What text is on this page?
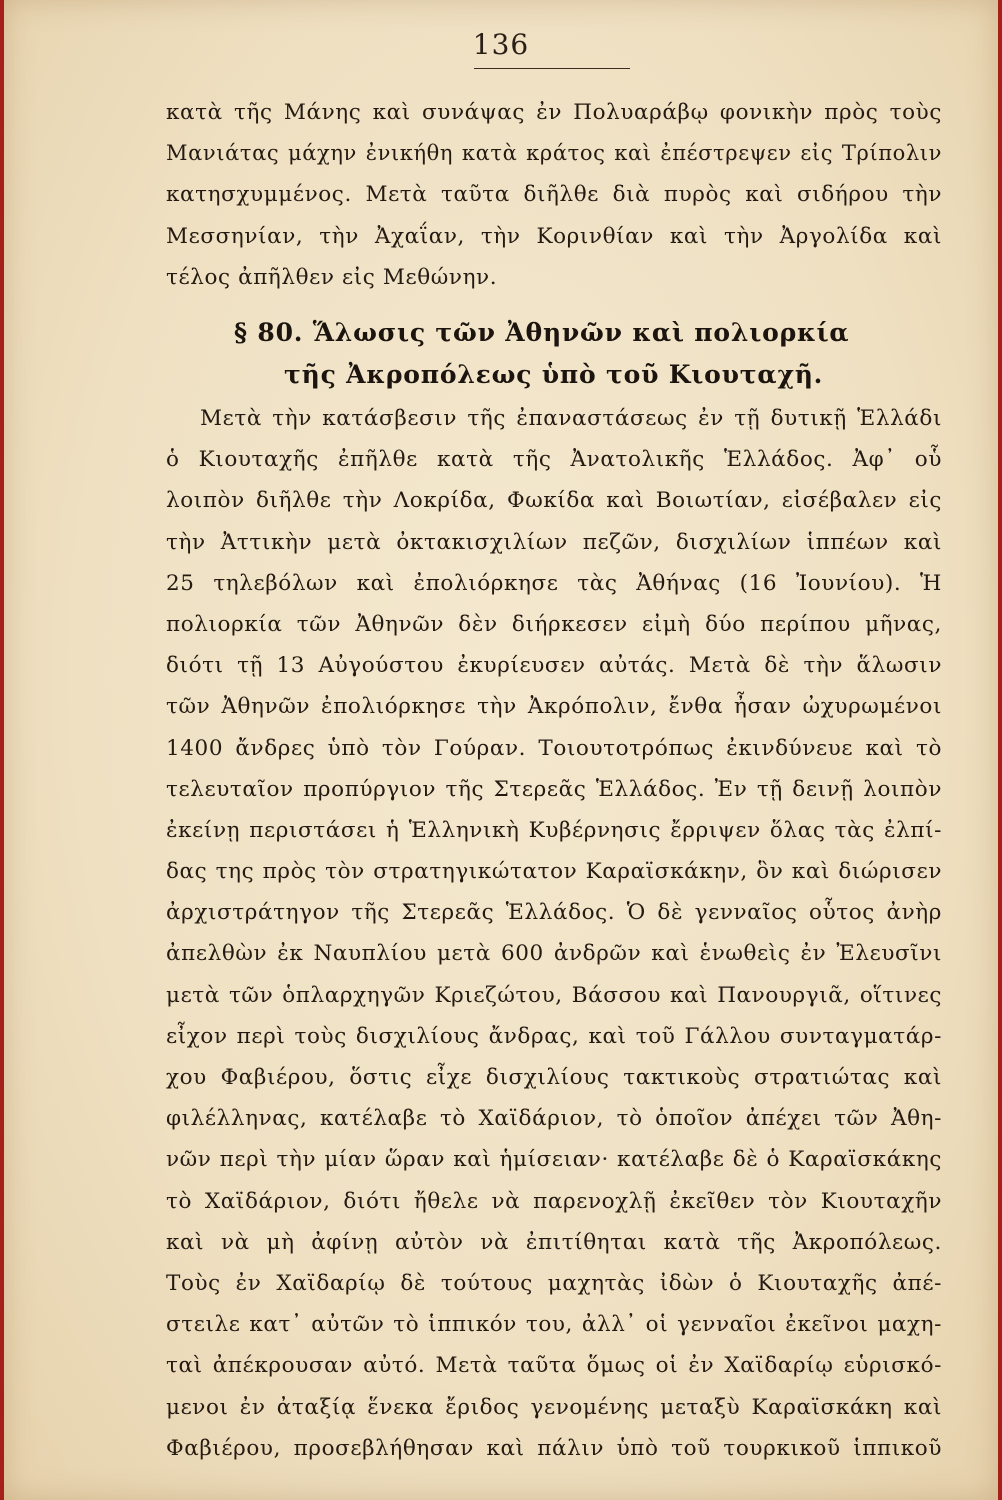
136
κατὰ τῆς Μάνης καὶ συνάψας ἐν Πολυαράβῳ φονικὴν πρὸς τοὺς
Μανιάτας μάχην ἐνικήθη κατὰ κράτος καὶ ἐπέστρεψεν εἰς Τρίπολιν
κατησχυμμένος. Μετὰ ταῦτα διῆλθε διὰ πυρὸς καὶ σιδήρου τὴν
Μεσσηνίαν, τὴν Ἀχαΐαν, τὴν Κορινθίαν καὶ τὴν Ἀργολίδα καὶ
τέλος ἀπῆλθεν εἰς Μεθώνην.
§ 80. Ἅλωσις τῶν Ἀθηνῶν καὶ πολιορκία
τῆς Ἀκροπόλεως ὑπὸ τοῦ Κιουταχῆ.
Μετὰ τὴν κατάσβεσιν τῆς ἐπαναστάσεως ἐν τῇ δυτικῇ Ἑλλάδι
ὁ Κιουταχῆς ἐπῆλθε κατὰ τῆς Ἀνατολικῆς Ἑλλάδος. Ἀφ᾽ οὗ
λοιπὸν διῆλθε τὴν Λοκρίδα, Φωκίδα καὶ Βοιωτίαν, εἰσέβαλεν εἰς
τὴν Ἀττικὴν μετὰ ὀκτακισχιλίων πεζῶν, δισχιλίων ἱππέων καὶ
25 τηλεβόλων καὶ ἐπολιόρκησε τὰς Ἀθήνας (16 Ἰουνίου). Ἡ
πολιορκία τῶν Ἀθηνῶν δὲν διήρκεσεν εἰμὴ δύο περίπου μῆνας,
διότι τῇ 13 Αὐγούστου ἐκυρίευσεν αὐτάς. Μετὰ δὲ τὴν ἅλωσιν
τῶν Ἀθηνῶν ἐπολιόρκησε τὴν Ἀκρόπολιν, ἔνθα ἦσαν ὠχυρωμένοι
1400 ἄνδρες ὑπὸ τὸν Γούραν. Τοιουτοτρόπως ἐκινδύνευε καὶ τὸ
τελευταῖον προπύργιον τῆς Στερεᾶς Ἑλλάδος. Ἐν τῇ δεινῇ λοιπὸν
ἐκείνῃ περιστάσει ἡ Ἑλληνικὴ Κυβέρνησις ἔρριψεν ὅλας τὰς ἐλπί-
δας της πρὸς τὸν στρατηγικώτατον Καραϊσκάκην, ὃν καὶ διώρισεν
ἀρχιστράτηγον τῆς Στερεᾶς Ἑλλάδος. Ὁ δὲ γενναῖος οὗτος ἀνὴρ
ἀπελθὼν ἐκ Ναυπλίου μετὰ 600 ἀνδρῶν καὶ ἑνωθεὶς ἐν Ἐλευσῖνι
μετὰ τῶν ὁπλαρχηγῶν Κριεζώτου, Βάσσου καὶ Πανουργιᾶ, οἵτινες
εἶχον περὶ τοὺς δισχιλίους ἄνδρας, καὶ τοῦ Γάλλου συνταγματάρ-
χου Φαβιέρου, ὅστις εἶχε δισχιλίους τακτικοὺς στρατιώτας καὶ
φιλέλληνας, κατέλαβε τὸ Χαϊδάριον, τὸ ὁποῖον ἀπέχει τῶν Ἀθη-
νῶν περὶ τὴν μίαν ὥραν καὶ ἡμίσειαν· κατέλαβε δὲ ὁ Καραϊσκάκης
τὸ Χαϊδάριον, διότι ἤθελε νὰ παρενοχλῇ ἐκεῖθεν τὸν Κιουταχῆν
καὶ νὰ μὴ ἀφίνῃ αὐτὸν νὰ ἐπιτίθηται κατὰ τῆς Ἀκροπόλεως.
Τοὺς ἐν Χαϊδαρίῳ δὲ τούτους μαχητὰς ἰδὼν ὁ Κιουταχῆς ἀπέ-
στειλε κατ᾽ αὐτῶν τὸ ἱππικόν του, ἀλλ᾽ οἱ γενναῖοι ἐκεῖνοι μαχη-
ταὶ ἀπέκρουσαν αὐτό. Μετὰ ταῦτα ὅμως οἱ ἐν Χαϊδαρίῳ εὑρισκό-
μενοι ἐν ἀταξίᾳ ἕνεκα ἔριδος γενομένης μεταξὺ Καραϊσκάκη καὶ
Φαβιέρου, προσεβλήθησαν καὶ πάλιν ὑπὸ τοῦ τουρκικοῦ ἱππικοῦ
